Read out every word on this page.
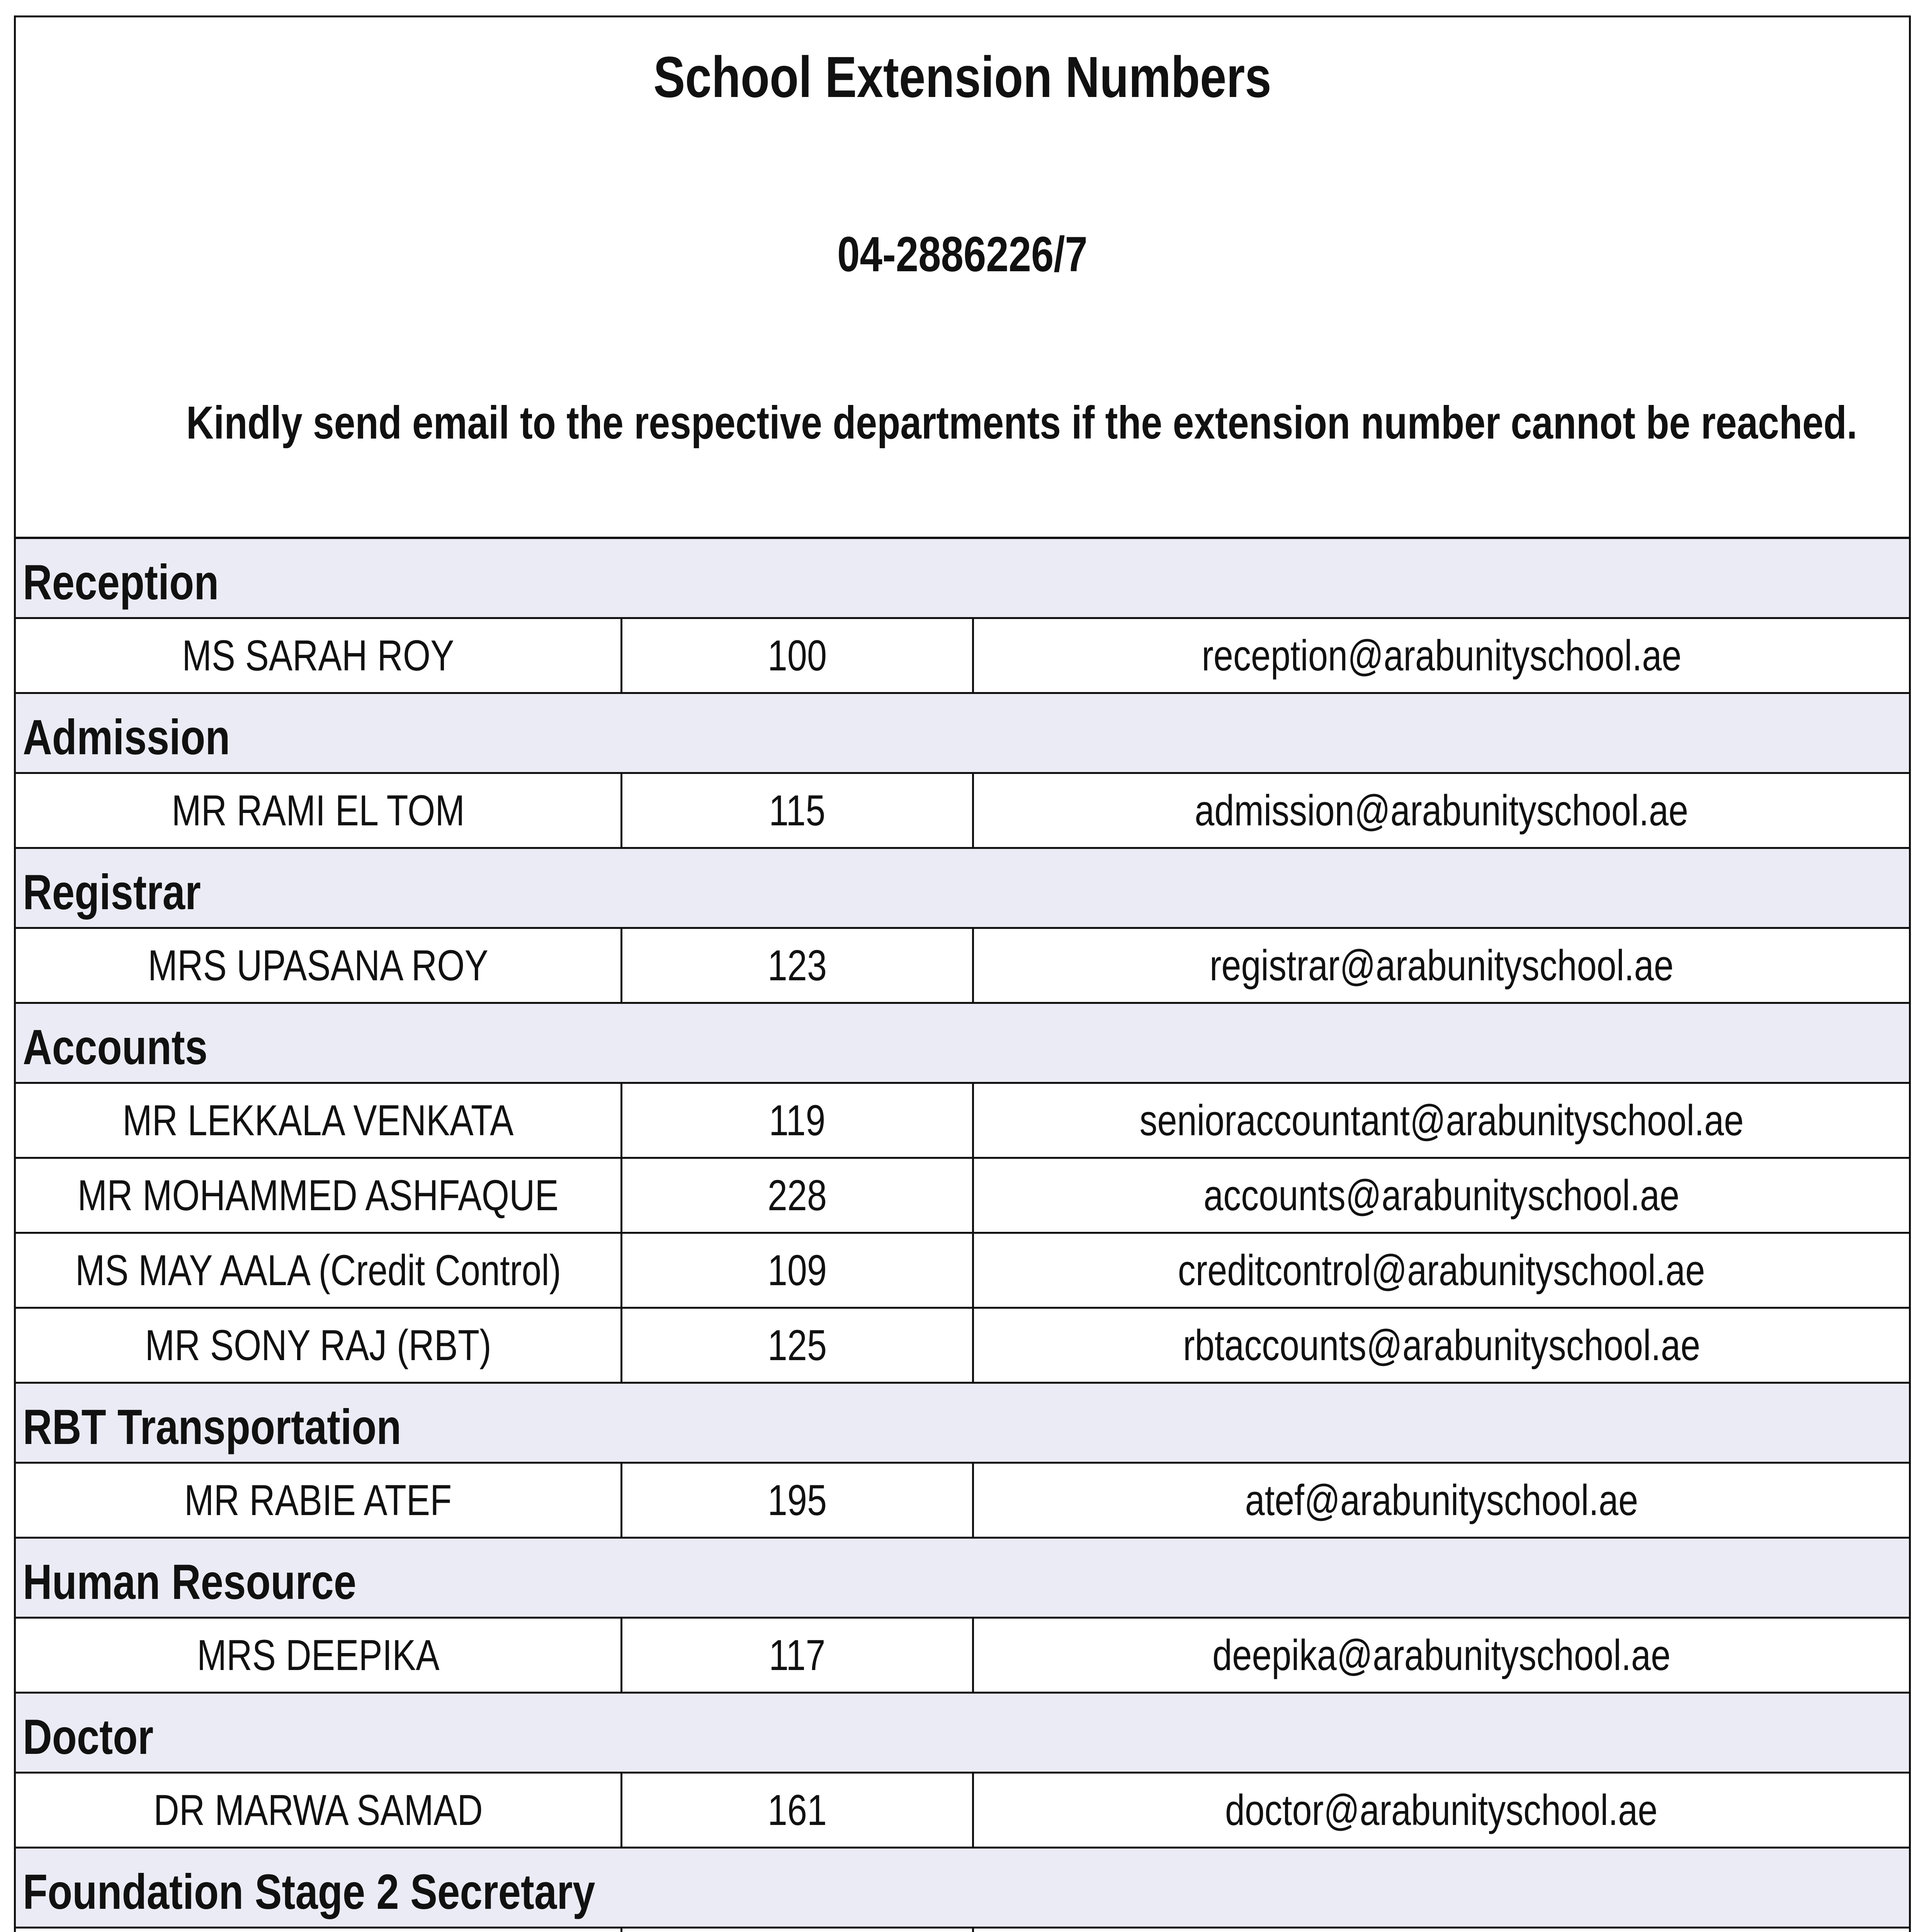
School Extension Numbers
04-2886226/7
Kindly send email to the respective departments if the extension number cannot be reached.
Reception
MS SARAH ROY	100	reception@arabunityschool.ae
Admission
MR RAMI EL TOM	115	admission@arabunityschool.ae
Registrar
MRS UPASANA ROY	123	registrar@arabunityschool.ae
Accounts
MR LEKKALA VENKATA	119	senioraccountant@arabunityschool.ae
MR MOHAMMED ASHFAQUE	228	accounts@arabunityschool.ae
MS MAY AALA (Credit Control)	109	creditcontrol@arabunityschool.ae
MR SONY RAJ (RBT)	125	rbtaccounts@arabunityschool.ae
RBT Transportation
MR RABIE ATEF	195	atef@arabunityschool.ae
Human Resource
MRS DEEPIKA	117	deepika@arabunityschool.ae
Doctor
DR MARWA SAMAD	161	doctor@arabunityschool.ae
Foundation Stage 2 Secretary
